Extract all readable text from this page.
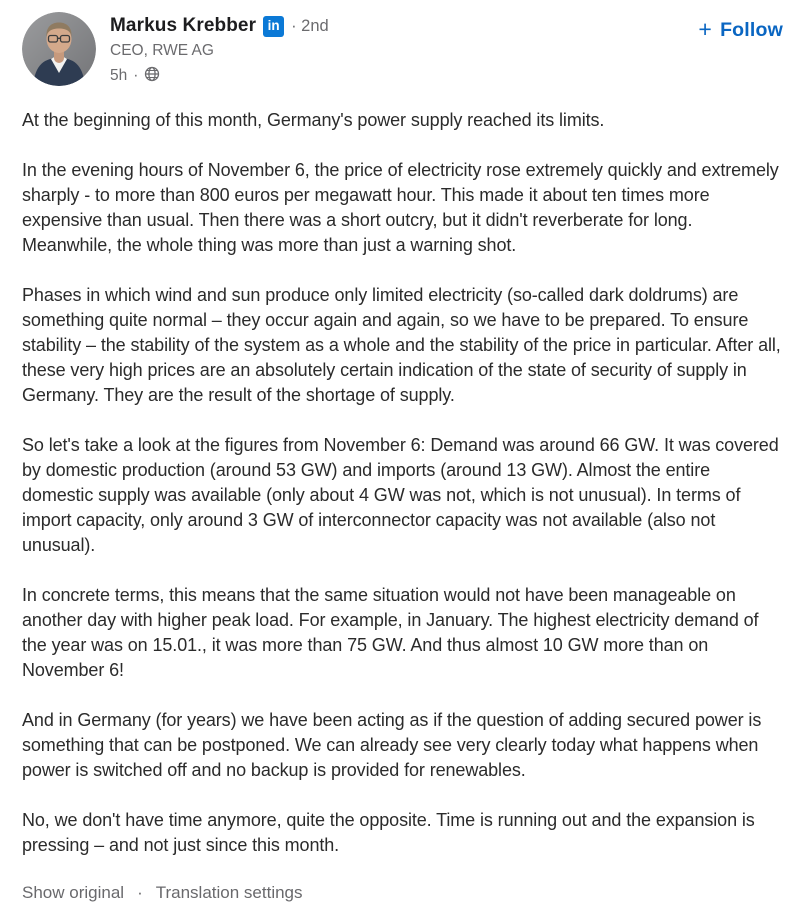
Markus Krebber in · 2nd
CEO, RWE AG
5h ·
+ Follow

At the beginning of this month, Germany's power supply reached its limits.

In the evening hours of November 6, the price of electricity rose extremely quickly and extremely sharply - to more than 800 euros per megawatt hour. This made it about ten times more expensive than usual. Then there was a short outcry, but it didn't reverberate for long. Meanwhile, the whole thing was more than just a warning shot.

Phases in which wind and sun produce only limited electricity (so-called dark doldrums) are something quite normal – they occur again and again, so we have to be prepared. To ensure stability – the stability of the system as a whole and the stability of the price in particular. After all, these very high prices are an absolutely certain indication of the state of security of supply in Germany. They are the result of the shortage of supply.

So let's take a look at the figures from November 6: Demand was around 66 GW. It was covered by domestic production (around 53 GW) and imports (around 13 GW). Almost the entire domestic supply was available (only about 4 GW was not, which is not unusual). In terms of import capacity, only around 3 GW of interconnector capacity was not available (also not unusual).

In concrete terms, this means that the same situation would not have been manageable on another day with higher peak load. For example, in January. The highest electricity demand of the year was on 15.01., it was more than 75 GW. And thus almost 10 GW more than on November 6!

And in Germany (for years) we have been acting as if the question of adding secured power is something that can be postponed. We can already see very clearly today what happens when power is switched off and no backup is provided for renewables.

No, we don't have time anymore, quite the opposite. Time is running out and the expansion is pressing – and not just since this month.

Show original · Translation settings
